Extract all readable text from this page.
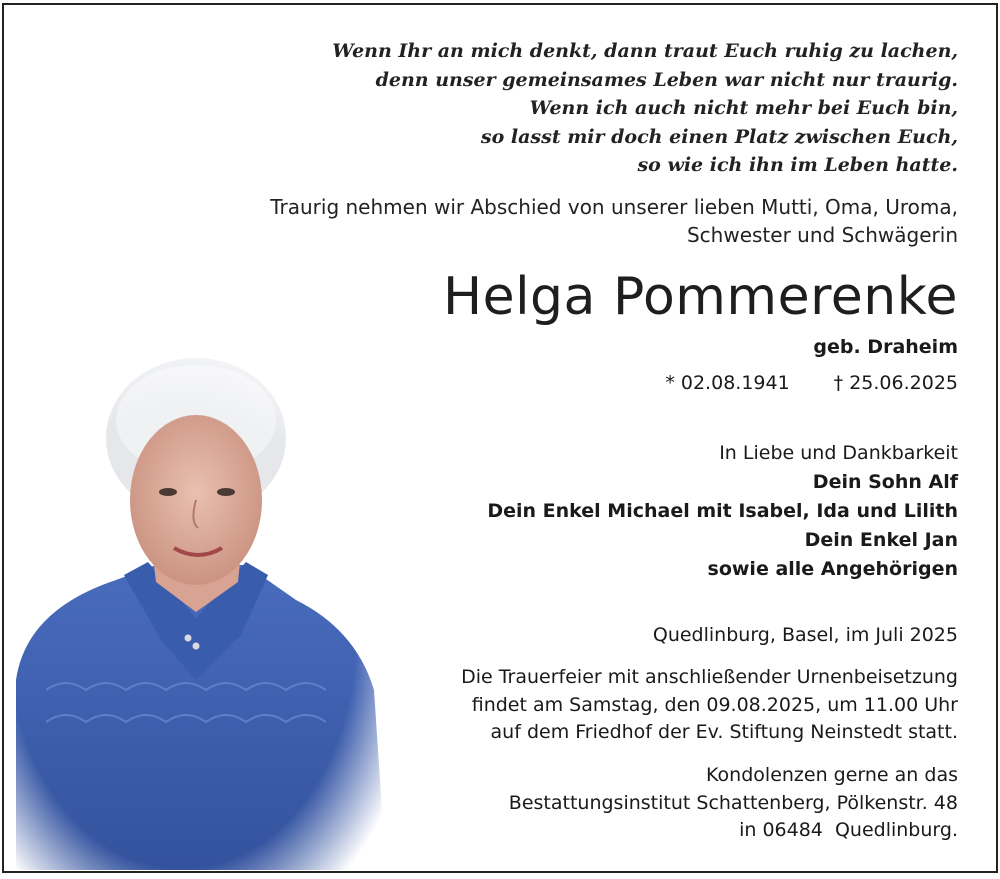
Wenn Ihr an mich denkt, dann traut Euch ruhig zu lachen,
denn unser gemeinsames Leben war nicht nur traurig.
Wenn ich auch nicht mehr bei Euch bin,
so lasst mir doch einen Platz zwischen Euch,
so wie ich ihn im Leben hatte.
Traurig nehmen wir Abschied von unserer lieben Mutti, Oma, Uroma,
Schwester und Schwägerin
Helga Pommerenke
geb. Draheim
* 02.08.1941 † 25.06.2025
In Liebe und Dankbarkeit
Dein Sohn Alf
Dein Enkel Michael mit Isabel, Ida und Lilith
Dein Enkel Jan
sowie alle Angehörigen
Quedlinburg, Basel, im Juli 2025
Die Trauerfeier mit anschließender Urnenbeisetzung
findet am Samstag, den 09.08.2025, um 11.00 Uhr
auf dem Friedhof der Ev. Stiftung Neinstedt statt.
Kondolenzen gerne an das
Bestattungsinstitut Schattenberg, Pölkenstr. 48
in 06484  Quedlinburg.
